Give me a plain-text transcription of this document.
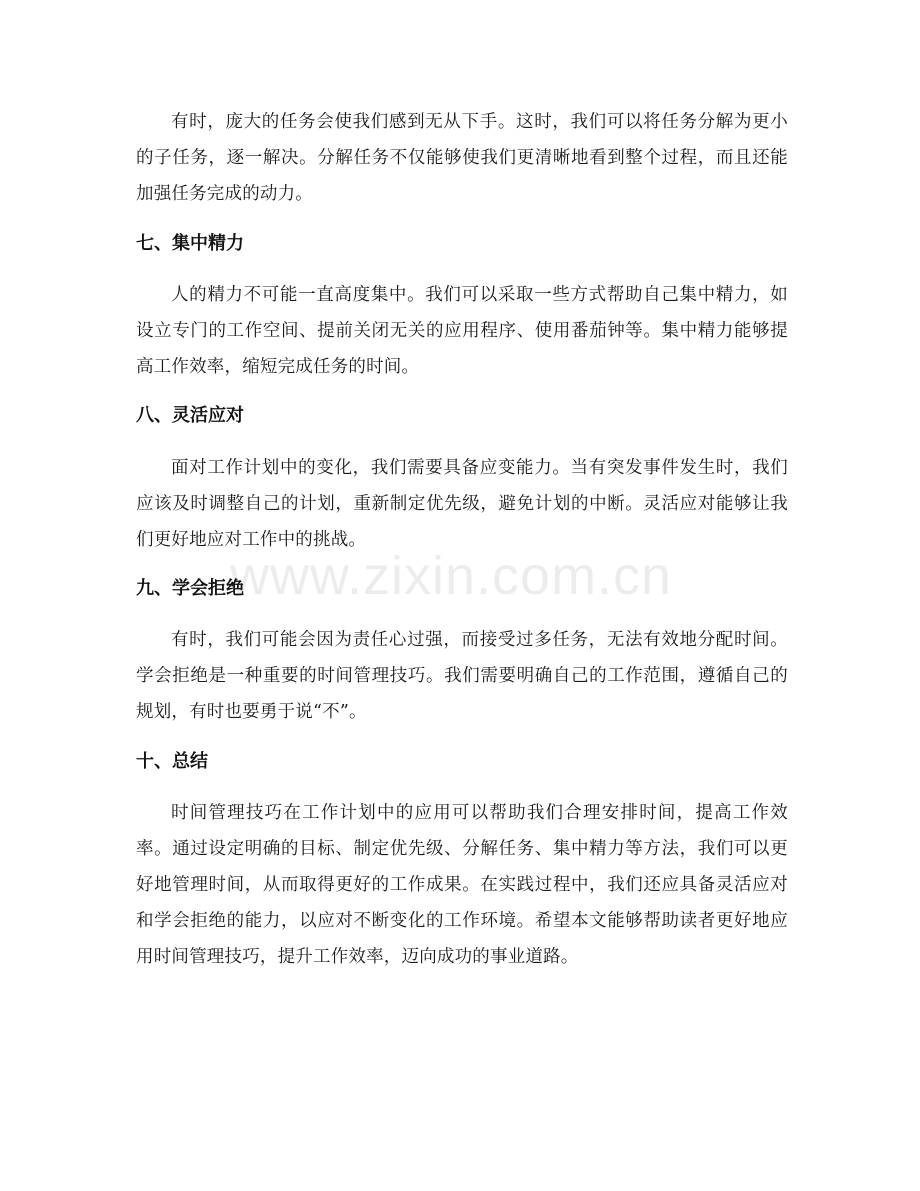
有时，庞大的任务会使我们感到无从下手。这时，我们可以将任务分解为更小的子任务，逐一解决。分解任务不仅能够使我们更清晰地看到整个过程，而且还能加强任务完成的动力。

七、集中精力

人的精力不可能一直高度集中。我们可以采取一些方式帮助自己集中精力，如设立专门的工作空间、提前关闭无关的应用程序、使用番茄钟等。集中精力能够提高工作效率，缩短完成任务的时间。

八、灵活应对

面对工作计划中的变化，我们需要具备应变能力。当有突发事件发生时，我们应该及时调整自己的计划，重新制定优先级，避免计划的中断。灵活应对能够让我们更好地应对工作中的挑战。

九、学会拒绝

有时，我们可能会因为责任心过强，而接受过多任务，无法有效地分配时间。学会拒绝是一种重要的时间管理技巧。我们需要明确自己的工作范围，遵循自己的规划，有时也要勇于说“不”。

十、总结

时间管理技巧在工作计划中的应用可以帮助我们合理安排时间，提高工作效率。通过设定明确的目标、制定优先级、分解任务、集中精力等方法，我们可以更好地管理时间，从而取得更好的工作成果。在实践过程中，我们还应具备灵活应对和学会拒绝的能力，以应对不断变化的工作环境。希望本文能够帮助读者更好地应用时间管理技巧，提升工作效率，迈向成功的事业道路。

www.zixin.com.cn
